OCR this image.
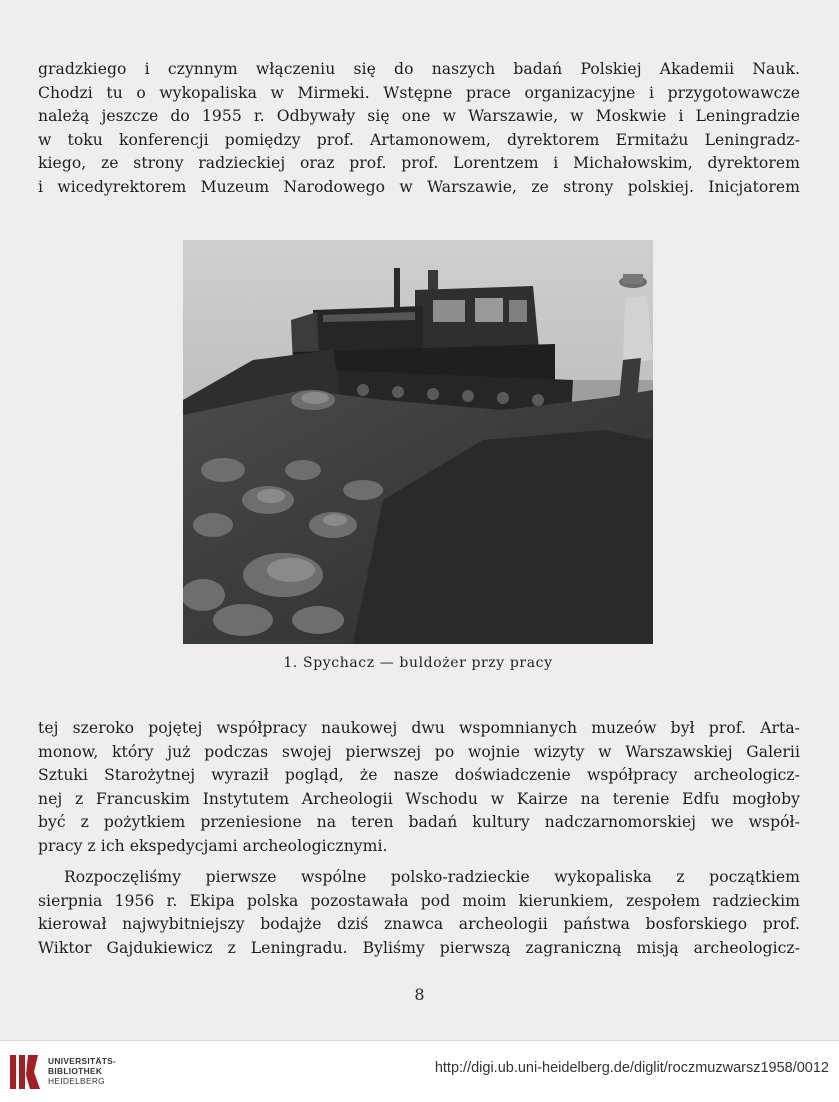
gradzkiego i czynnym włączeniu się do naszych badań Polskiej Akademii Nauk.
Chodzi tu o wykopaliska w Mirmeki. Wstępne prace organizacyjne i przygotowawcze
należą jeszcze do 1955 r. Odbywały się one w Warszawie, w Moskwie i Leningradzie
w toku konferencji pomiędzy prof. Artamonowem, dyrektorem Ermitażu Leningradz-
kiego, ze strony radzieckiej oraz prof. prof. Lorentzem i Michałowskim, dyrektorem
i wicedyrektorem Muzeum Narodowego w Warszawie, ze strony polskiej. Inicjatorem
1. Spychacz — buldożer przy pracy
tej szeroko pojętej współpracy naukowej dwu wspomnianych muzeów był prof. Arta-
monow, który już podczas swojej pierwszej po wojnie wizyty w Warszawskiej Galerii
Sztuki Starożytnej wyraził pogląd, że nasze doświadczenie współpracy archeologicz-
nej z Francuskim Instytutem Archeologii Wschodu w Kairze na terenie Edfu mogłoby
być z pożytkiem przeniesione na teren badań kultury nadczarnomorskiej we współ-
pracy z ich ekspedycjami archeologicznymi.
Rozpoczęliśmy pierwsze wspólne polsko-radzieckie wykopaliska z początkiem
sierpnia 1956 r. Ekipa polska pozostawała pod moim kierunkiem, zespołem radzieckim
kierował najwybitniejszy bodajże dziś znawca archeologii państwa bosforskiego prof.
Wiktor Gajdukiewicz z Leningradu. Byliśmy pierwszą zagraniczną misją archeologicz-
8
UNIVERSITÄTS-
BIBLIOTHEK
HEIDELBERG
http://digi.ub.uni-heidelberg.de/diglit/roczmuzwarsz1958/0012
